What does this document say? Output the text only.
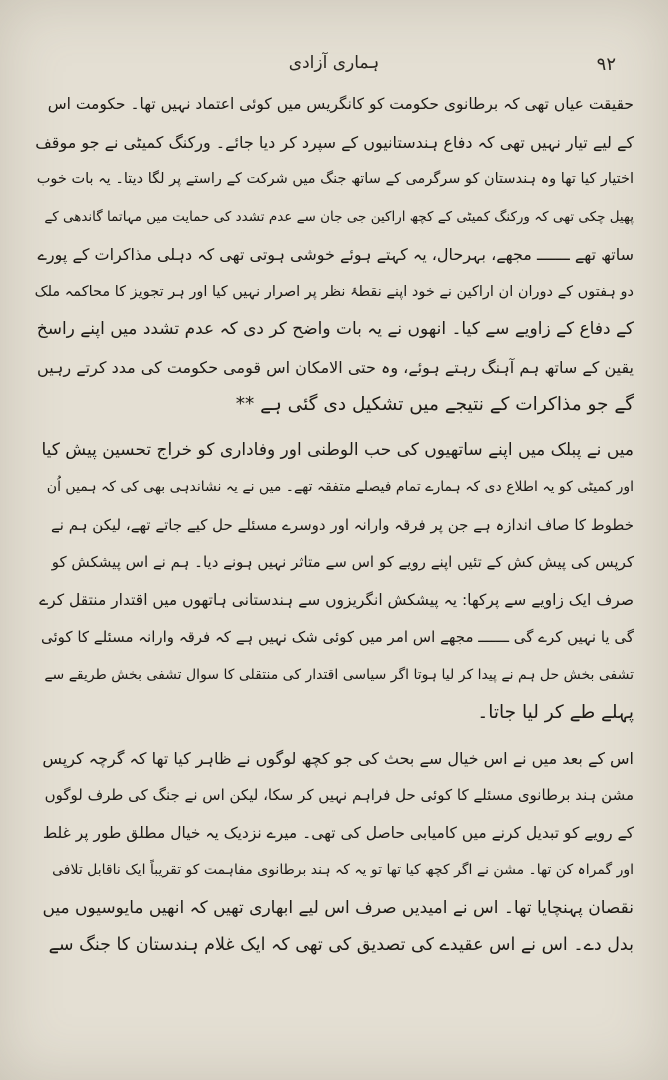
ہماری آزادی	۹۲
حقیقت عیاں تھی کہ برطانوی حکومت کو کانگریس میں کوئی اعتماد نہیں تھا۔ حکومت اس
کے لیے تیار نہیں تھی کہ دفاع ہندستانیوں کے سپرد کر دیا جائے۔ ورکنگ کمیٹی نے جو موقف
اختیار کیا تھا وہ ہندستان کو سرگرمی کے ساتھ جنگ میں شرکت کے راستے پر لگا دیتا۔ یہ بات خوب
پھیل چکی تھی کہ ورکنگ کمیٹی کے کچھ اراکین جی جان سے عدم تشدد کی حمایت میں مہاتما گاندھی کے
ساتھ تھے ـــــــ مجھے، بہرحال، یہ کہتے ہوئے خوشی ہوتی تھی کہ دہلی مذاکرات کے پورے
دو ہفتوں کے دوران ان اراکین نے خود اپنے نقطۂ نظر پر اصرار نہیں کیا اور ہر تجویز کا محاکمہ ملک
کے دفاع کے زاویے سے کیا۔ انھوں نے یہ بات واضح کر دی کہ عدم تشدد میں اپنے راسخ
یقین کے ساتھ ہم آہنگ رہتے ہوئے، وہ حتی الامکان اس قومی حکومت کی مدد کرتے رہیں
گے جو مذاکرات کے نتیجے میں تشکیل دی گئی ہے **
میں نے پبلک میں اپنے ساتھیوں کی حب الوطنی اور وفاداری کو خراج تحسین پیش کیا
اور کمیٹی کو یہ اطلاع دی کہ ہمارے تمام فیصلے متفقہ تھے۔ میں نے یہ نشاندہی بھی کی کہ ہمیں اُن
خطوط کا صاف اندازہ ہے جن پر فرقہ وارانہ اور دوسرے مسئلے حل کیے جاتے تھے، لیکن ہم نے
کرپس کی پیش کش کے تئیں اپنے رویے کو اس سے متاثر نہیں ہونے دیا۔ ہم نے اس پیشکش کو
صرف ایک زاویے سے پرکھا: یہ پیشکش انگریزوں سے ہندستانی ہاتھوں میں اقتدار منتقل کرے
گی یا نہیں کرے گی ـــــــ مجھے اس امر میں کوئی شک نہیں ہے کہ فرقہ وارانہ مسئلے کا کوئی
تشفی بخش حل ہم نے پیدا کر لیا ہوتا اگر سیاسی اقتدار کی منتقلی کا سوال تشفی بخش طریقے سے
پہلے طے کر لیا جاتا۔
اس کے بعد میں نے اس خیال سے بحث کی جو کچھ لوگوں نے ظاہر کیا تھا کہ گرچہ کرپس
مشن ہند برطانوی مسئلے کا کوئی حل فراہم نہیں کر سکا، لیکن اس نے جنگ کی طرف لوگوں
کے رویے کو تبدیل کرنے میں کامیابی حاصل کی تھی۔ میرے نزدیک یہ خیال مطلق طور پر غلط
اور گمراہ کن تھا۔ مشن نے اگر کچھ کیا تھا تو یہ کہ ہند برطانوی مفاہمت کو تقریباً ایک ناقابل تلافی
نقصان پہنچایا تھا۔ اس نے امیدیں صرف اس لیے ابھاری تھیں کہ انھیں مایوسیوں میں
بدل دے۔ اس نے اس عقیدے کی تصدیق کی تھی کہ ایک غلام ہندستان کا جنگ سے
